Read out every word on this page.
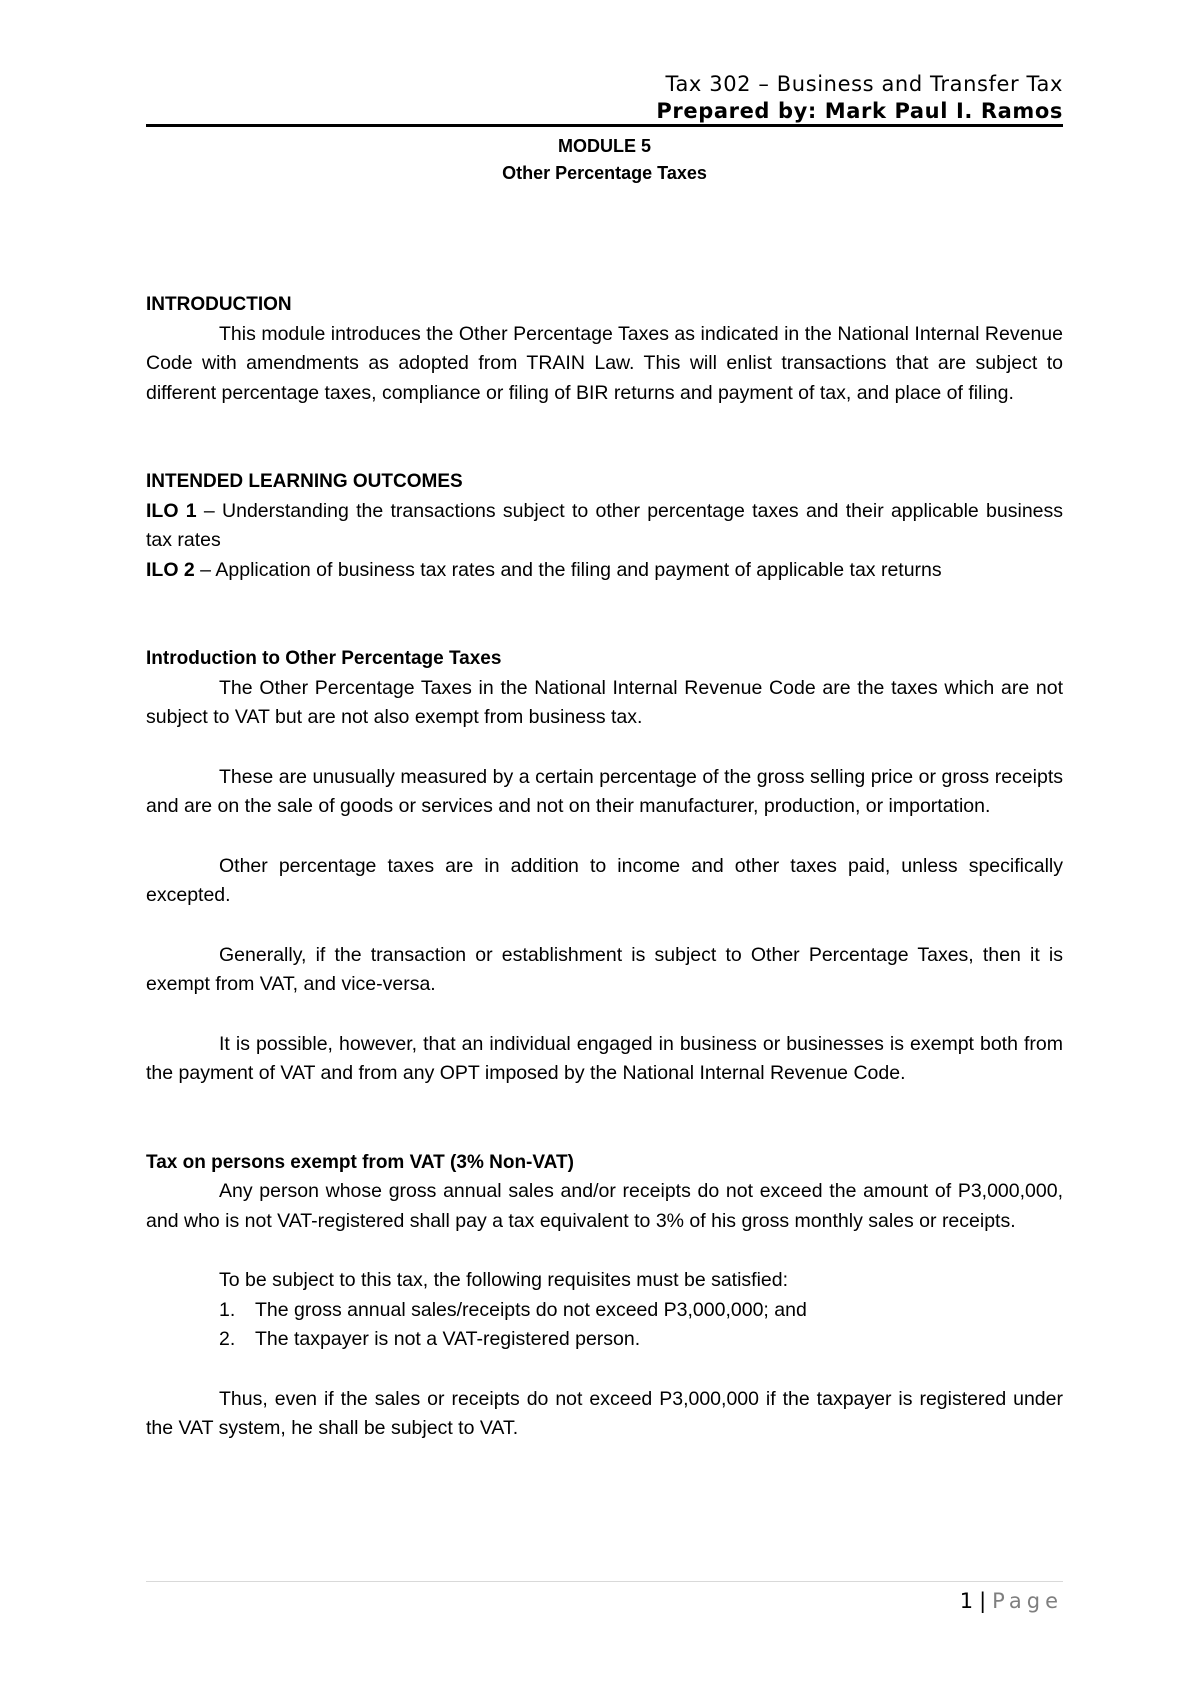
Tax 302 – Business and Transfer Tax
Prepared by: Mark Paul I. Ramos
MODULE 5
Other Percentage Taxes

INTRODUCTION

This module introduces the Other Percentage Taxes as indicated in the National Internal Revenue Code with amendments as adopted from TRAIN Law. This will enlist transactions that are subject to different percentage taxes, compliance or filing of BIR returns and payment of tax, and place of filing.

INTENDED LEARNING OUTCOMES

ILO 1 – Understanding the transactions subject to other percentage taxes and their applicable business tax rates

ILO 2 – Application of business tax rates and the filing and payment of applicable tax returns

Introduction to Other Percentage Taxes

The Other Percentage Taxes in the National Internal Revenue Code are the taxes which are not subject to VAT but are not also exempt from business tax.

These are unusually measured by a certain percentage of the gross selling price or gross receipts and are on the sale of goods or services and not on their manufacturer, production, or importation.

Other percentage taxes are in addition to income and other taxes paid, unless specifically excepted.

Generally, if the transaction or establishment is subject to Other Percentage Taxes, then it is exempt from VAT, and vice-versa.

It is possible, however, that an individual engaged in business or businesses is exempt both from the payment of VAT and from any OPT imposed by the National Internal Revenue Code.

Tax on persons exempt from VAT (3% Non-VAT)

Any person whose gross annual sales and/or receipts do not exceed the amount of P3,000,000, and who is not VAT-registered shall pay a tax equivalent to 3% of his gross monthly sales or receipts.

To be subject to this tax, the following requisites must be satisfied:

1. The gross annual sales/receipts do not exceed P3,000,000; and
2. The taxpayer is not a VAT-registered person.

Thus, even if the sales or receipts do not exceed P3,000,000 if the taxpayer is registered under the VAT system, he shall be subject to VAT.

1 | Page
